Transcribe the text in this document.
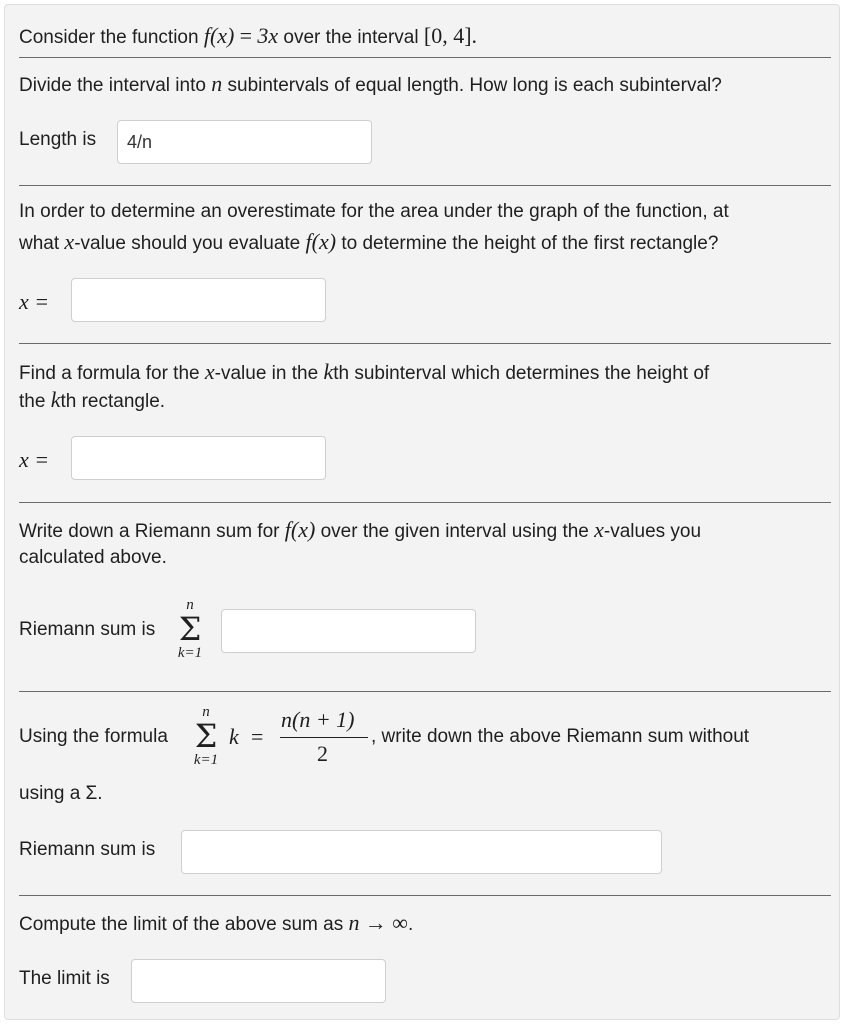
Consider the function f(x) = 3x over the interval [0, 4].
Divide the interval into n subintervals of equal length. How long is each subinterval?
Length is
4/n
In order to determine an overestimate for the area under the graph of the function, at
what x-value should you evaluate f(x) to determine the height of the first rectangle?
x =
Find a formula for the x-value in the kth subinterval which determines the height of
the kth rectangle.
x =
Write down a Riemann sum for f(x) over the given interval using the x-values you
calculated above.
Riemann sum is
n
Σ
k=1
Using the formula
n
Σ
k=1
k =
n(n + 1)
2
, write down the above Riemann sum without
using a Σ.
Riemann sum is
Compute the limit of the above sum as n → ∞.
The limit is
